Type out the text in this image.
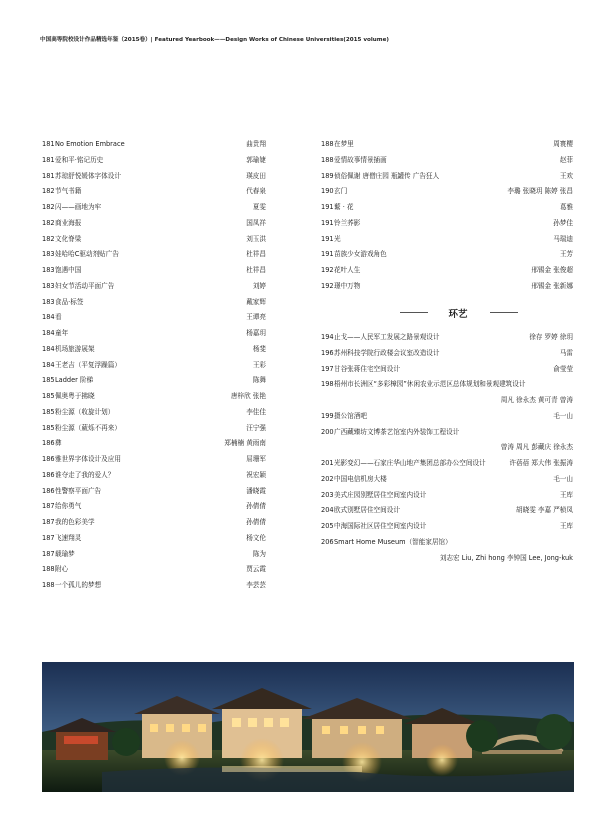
中国高等院校设计作品精选年鉴（2015卷）| Featured Yearbook——Design Works of Chinese Universities(2015 volume)
181 No Emotion Embrace	曲贵翔
181 爱和平·铭记历史	郭瑜婕
181 苏琼舒悦媛体字体设计	瑛皮田
182 节气书籍	代春泉
182 闪——画地为牢	夏雯
182 商业海报	国凤祥
182 文化脊梁	刘玉洪
183 娃哈哈C驱动剂贴广告	杜祥昌
183 饱遇中国	杜祥昌
183 妇女节活动平面广告	刘婷
183 食品·标签	戴家辉
184 看	王谭亮
184 童年	杨嘉玥
184 机场旅游展架	杨斐
184 王老吉（平复浮躁篇）	王彩
185 Ladder 阶梯	陈舞
185 佩奥粤于拂晓	唐梓欣 张艳
185 粉尘源（收旋计划）	李佳佳
185 粉尘源（葳烁不再来）	汪宁强
186 彝	郑楠楠 黄雨南
186 雅世界字体设计及应用	屈珊军
186 谁夺走了我的爱人？	祝宏颖
186 性警察平面广告	潘晓霞
187 给你勇气	孙倩倩
187 我的色彩美学	孙倩倩
187 飞速翔灵	杨文伦
187 载瑜梦	陈为
188 附心	贾云霞
188 一个孤儿的梦想	李芸芸
188 在梦里	周寰樱
188 爱情故事情景插画	赵菲
189 侦俗佩谢 唐僧庄园 瓶罐传 广告狂人	王欢
190 玄门	李璐 张晓玥 陈婷 张昌
191 蘩 · 花	葛雅
191 铃兰荞影	孙梦佳
191 光	马瑞迪
191 苗族少女游戏角色	王芳
192 花叶人生	邢锡金 张俊超
192 璟中万物	邢锡金 张新娜
环艺
194 止戈——人民军工发展之路景观设计	徐存 罗婷 徐玥
196 苏州科技学院行政楼会议室改造设计	马雷
197 甘谷张蒋住宅空间设计	俞莹莹
198 梧州市长洲区“多彩樟园”休闲农业示范区总体规划和景观建筑设计
周凡 徐永杰 黄可青 曾涛
199 摄公馆酒吧	毛一山
200 广西藏臻坊文博茶艺馆室内外装饰工程设计
曾涛 周凡 彭藏庆 徐永杰
201 光影变幻——石家庄华山地产集团总部办公空间设计	许蓓蓓 郑大伟 张振涛
202 中国电信机房大楼	毛一山
203 美式庄园别墅居住空间室内设计	王库
204 欧式别墅居住空间设计	胡晓雯 李嘉 严桢凤
205 中海国际社区居住空间室内设计	王库
206 Smart Home Museum（智能家居馆）
刘志宏 Liu, Zhi hong 李钟国 Lee, Jong-kuk
